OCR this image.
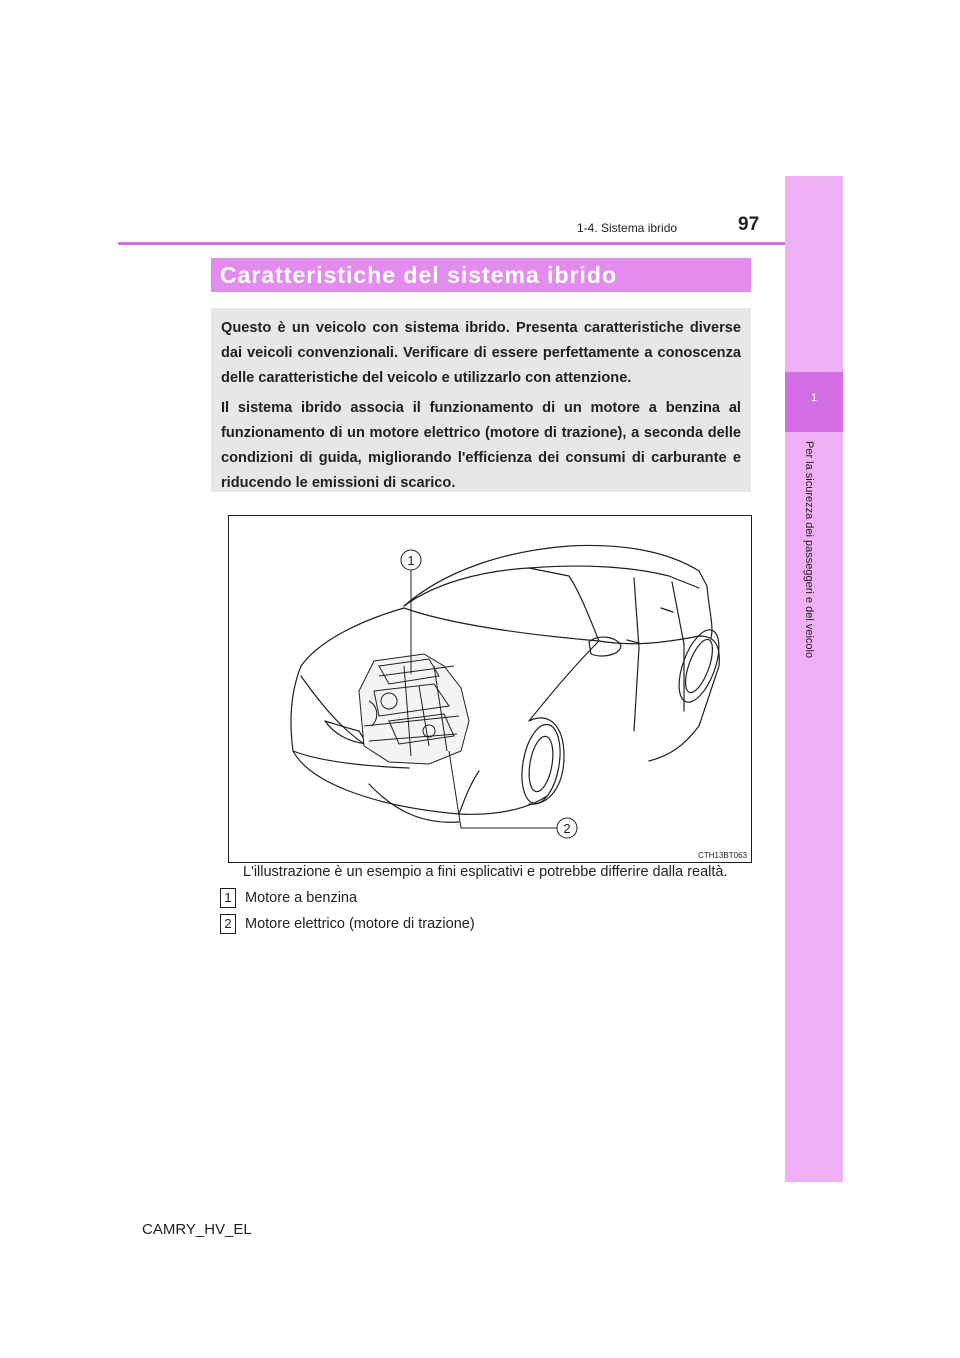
1
Per la sicurezza dei passeggeri e del veicolo
1-4. Sistema ibrido	97
Caratteristiche del sistema ibrido

Questo è un veicolo con sistema ibrido. Presenta caratteristiche diverse dai veicoli convenzionali. Verificare di essere perfettamente a conoscenza delle caratteristiche del veicolo e utilizzarlo con attenzione.

Il sistema ibrido associa il funzionamento di un motore a benzina al funzionamento di un motore elettrico (motore di trazione), a seconda delle condizioni di guida, migliorando l'efficienza dei consumi di carburante e riducendo le emissioni di scarico.

1
2
CTH13BT063
L'illustrazione è un esempio a fini esplicativi e potrebbe differire dalla realtà.
1 Motore a benzina
2 Motore elettrico (motore di trazione)
CAMRY_HV_EL
